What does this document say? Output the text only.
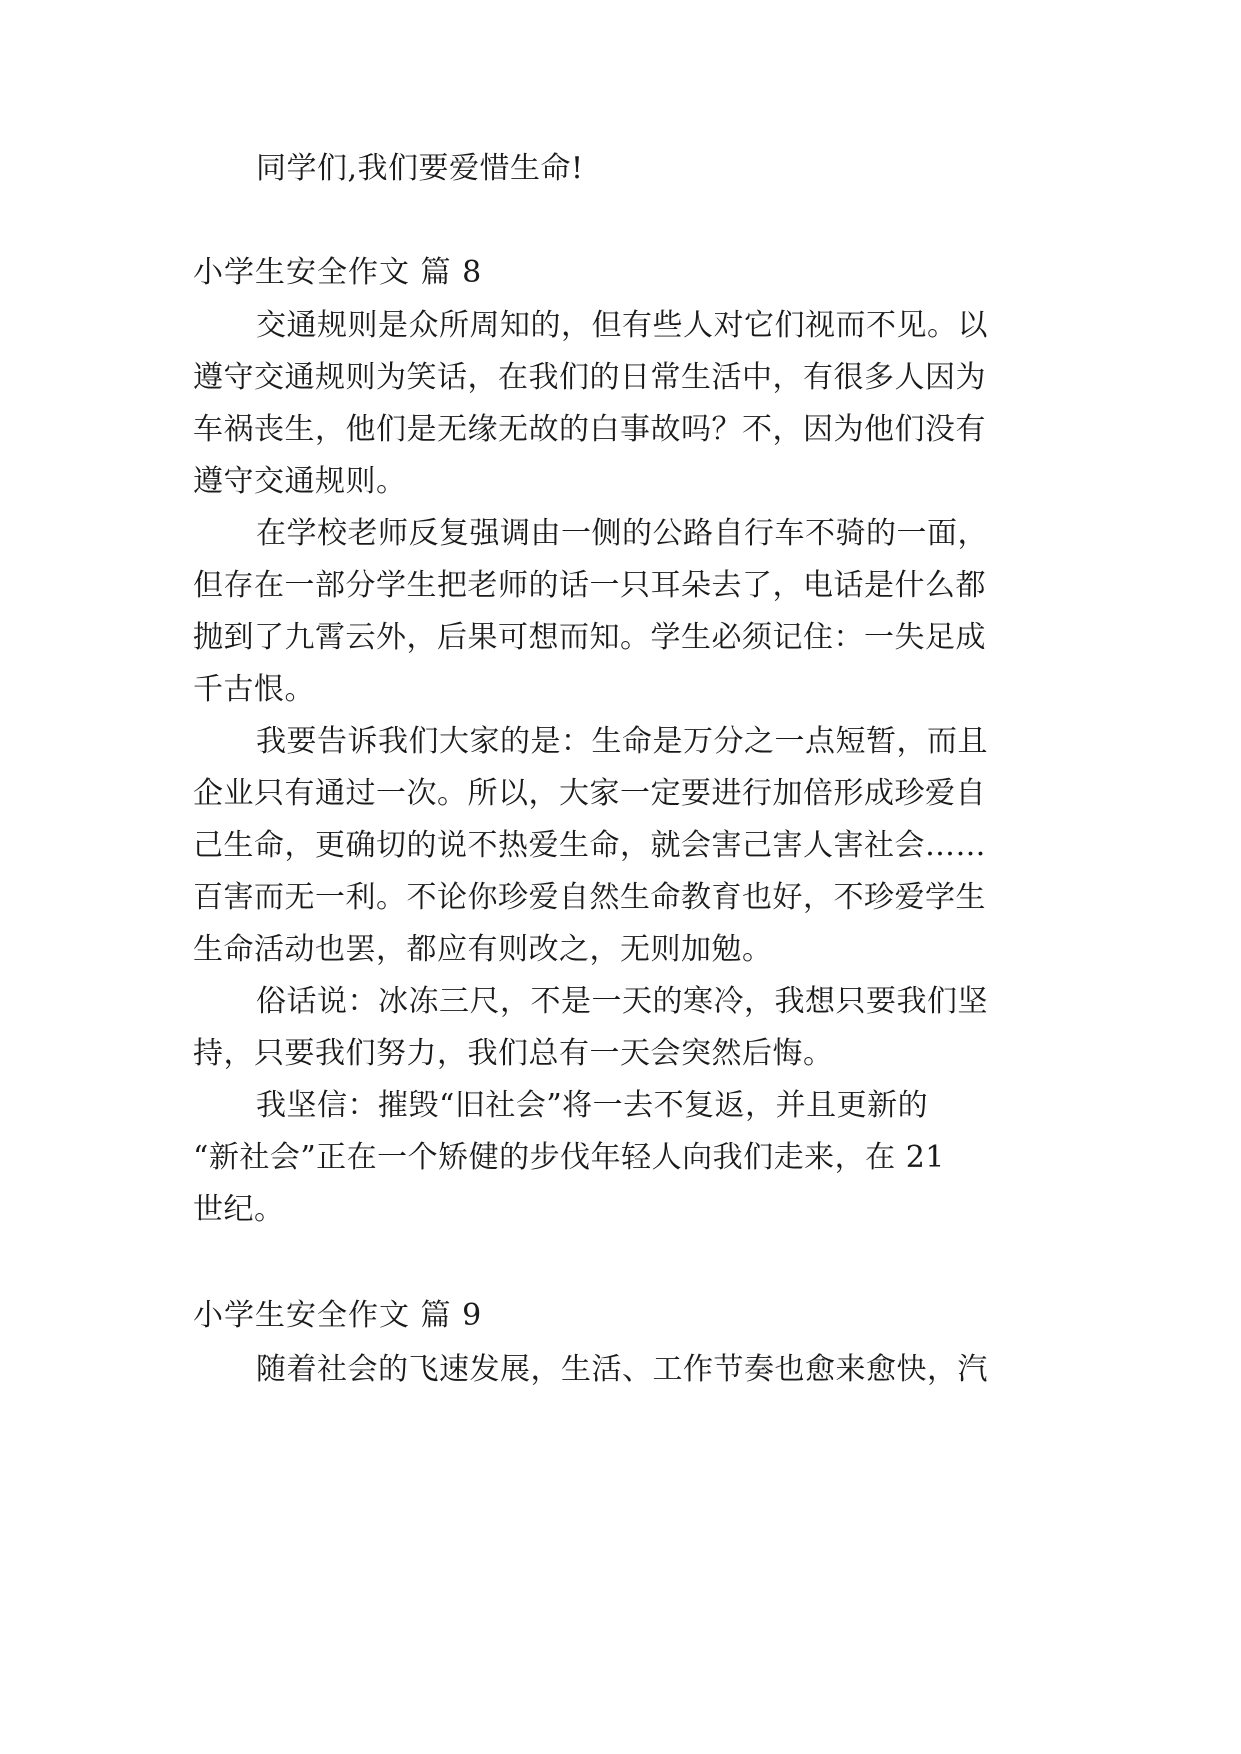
同学们,我们要爱惜生命!
小学生安全作文 篇 8
交通规则是众所周知的，但有些人对它们视而不见。以
遵守交通规则为笑话，在我们的日常生活中，有很多人因为
车祸丧生，他们是无缘无故的白事故吗？不，因为他们没有
遵守交通规则。
在学校老师反复强调由一侧的公路自行车不骑的一面，
但存在一部分学生把老师的话一只耳朵去了，电话是什么都
抛到了九霄云外，后果可想而知。学生必须记住：一失足成
千古恨。
我要告诉我们大家的是：生命是万分之一点短暂，而且
企业只有通过一次。所以，大家一定要进行加倍形成珍爱自
己生命，更确切的说不热爱生命，就会害己害人害社会……
百害而无一利。不论你珍爱自然生命教育也好，不珍爱学生
生命活动也罢，都应有则改之，无则加勉。
俗话说：冰冻三尺，不是一天的寒冷，我想只要我们坚
持，只要我们努力，我们总有一天会突然后悔。
我坚信：摧毁“旧社会”将一去不复返，并且更新的
“新社会”正在一个矫健的步伐年轻人向我们走来，在 21
世纪。
小学生安全作文 篇 9
随着社会的飞速发展，生活、工作节奏也愈来愈快，汽
